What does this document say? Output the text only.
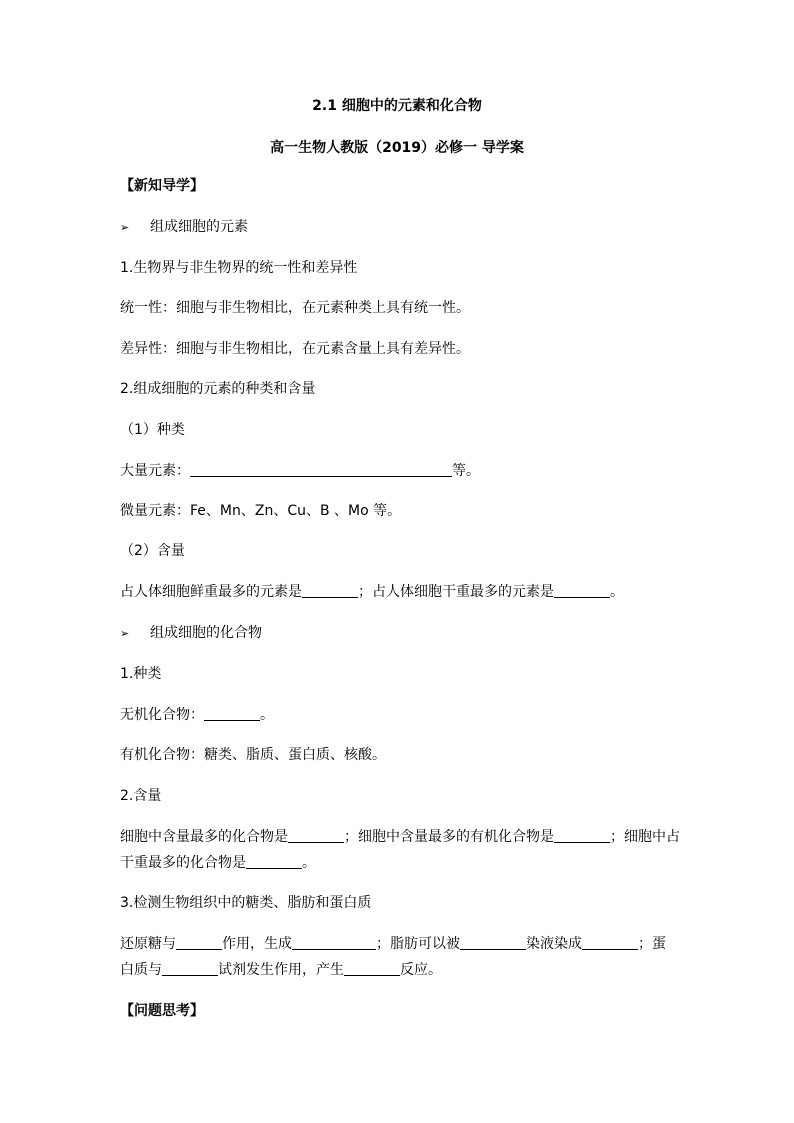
2.1 细胞中的元素和化合物
高一生物人教版（2019）必修一 导学案
【新知导学】
➢ 组成细胞的元素
1.生物界与非生物界的统一性和差异性
统一性：细胞与非生物相比，在元素种类上具有统一性。
差异性：细胞与非生物相比，在元素含量上具有差异性。
2.组成细胞的元素的种类和含量
（1）种类
大量元素：	等。
微量元素：Fe、Mn、Zn、Cu、B 、Mo 等。
（2）含量
占人体细胞鲜重最多的元素是	；占人体细胞干重最多的元素是	。
➢ 组成细胞的化合物
1.种类
无机化合物：	。
有机化合物：糖类、脂质、蛋白质、核酸。
2.含量
细胞中含量最多的化合物是	；细胞中含量最多的有机化合物是	；细胞中占
干重最多的化合物是	。
3.检测生物组织中的糖类、脂肪和蛋白质
还原糖与	作用，生成	；脂肪可以被	染液染成	；蛋
白质与	试剂发生作用，产生	反应。
【问题思考】
